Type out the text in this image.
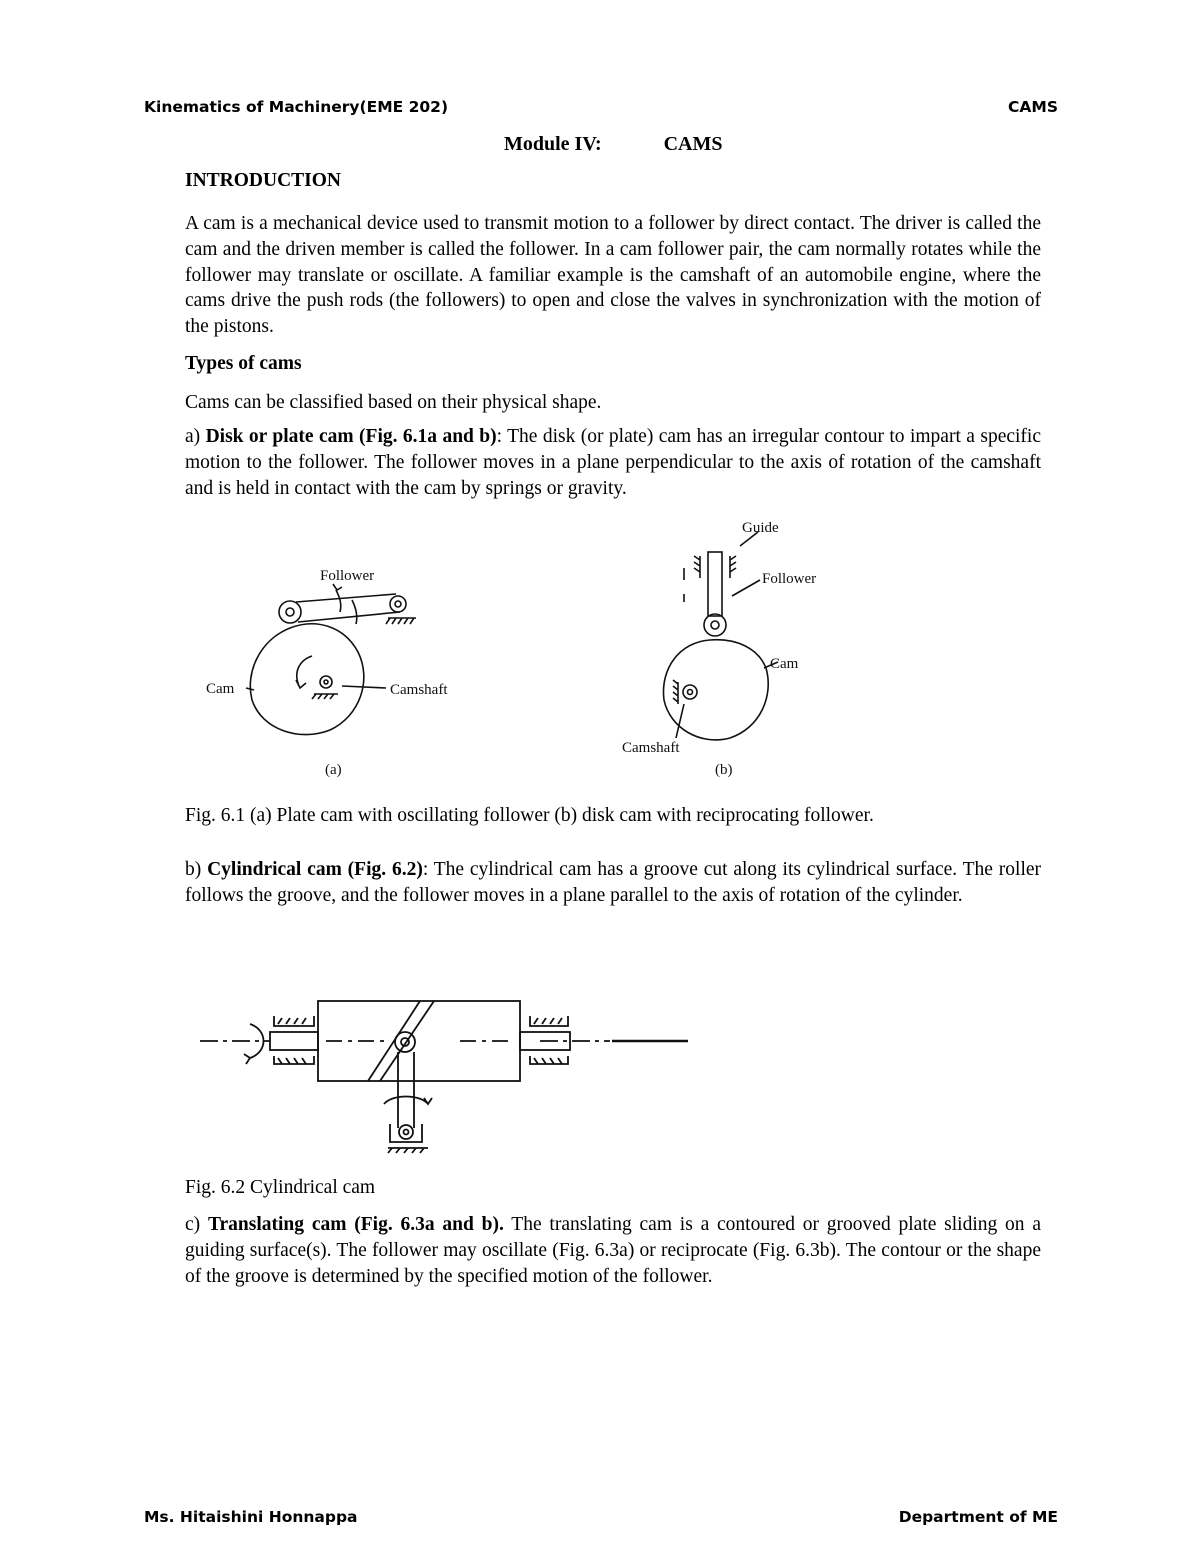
Kinematics of Machinery(EME 202)	CAMS
Module IV:	CAMS
INTRODUCTION
A cam is a mechanical device used to transmit motion to a follower by direct contact. The driver is called the cam and the driven member is called the follower. In a cam follower pair, the cam normally rotates while the follower may translate or oscillate. A familiar example is the camshaft of an automobile engine, where the cams drive the push rods (the followers) to open and close the valves in synchronization with the motion of the pistons.
Types of cams
Cams can be classified based on their physical shape.
a) Disk or plate cam (Fig. 6.1a and b): The disk (or plate) cam has an irregular contour to impart a specific motion to the follower. The follower moves in a plane perpendicular to the axis of rotation of the camshaft and is held in contact with the cam by springs or gravity.
Follower
Cam	Camshaft
(a)
Guide
Follower
Cam
Camshaft
(b)
Fig. 6.1 (a) Plate cam with oscillating follower (b) disk cam with reciprocating follower.
b) Cylindrical cam (Fig. 6.2): The cylindrical cam has a groove cut along its cylindrical surface. The roller follows the groove, and the follower moves in a plane parallel to the axis of rotation of the cylinder.
Fig. 6.2 Cylindrical cam
c) Translating cam (Fig. 6.3a and b). The translating cam is a contoured or grooved plate sliding on a guiding surface(s). The follower may oscillate (Fig. 6.3a) or reciprocate (Fig. 6.3b). The contour or the shape of the groove is determined by the specified motion of the follower.
Ms. Hitaishini Honnappa	Department of ME
